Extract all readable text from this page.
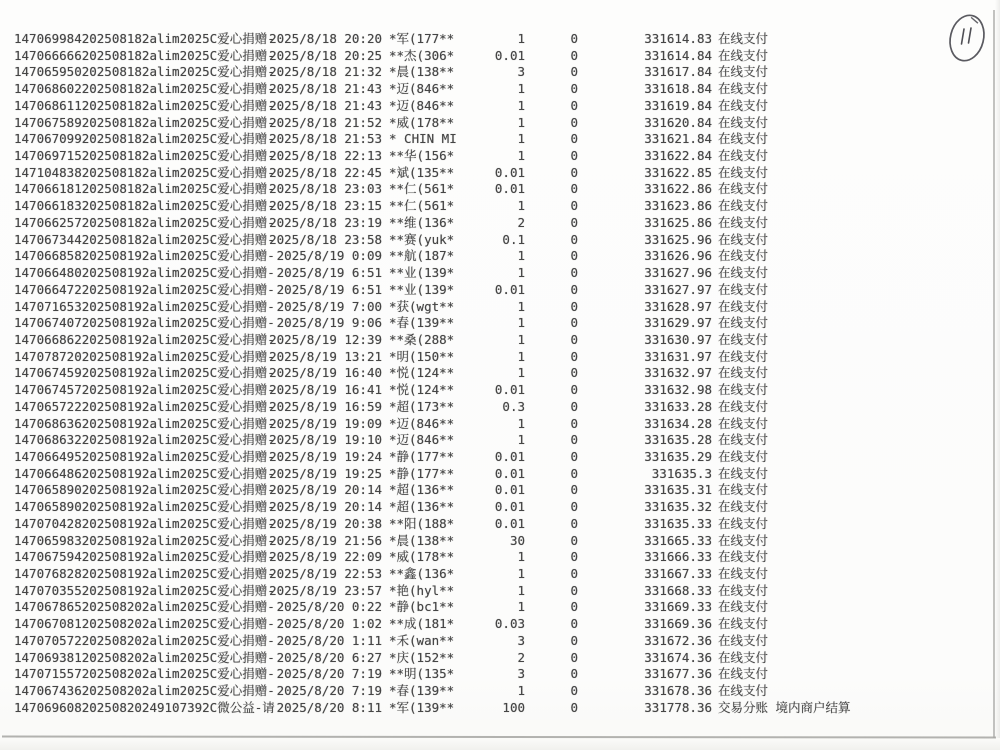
147069984202508182alim2025C爱心捐赠-
2025/8/18 20:20 *军(177**	1	0	331614.83 在线支付
147066666202508182alim2025C爱心捐赠-
2025/8/18 20:25 **杰(306*	0.01	0	331614.84 在线支付
147065950202508182alim2025C爱心捐赠-
2025/8/18 21:32 *晨(138**	3	0	331617.84 在线支付
147068602202508182alim2025C爱心捐赠-
2025/8/18 21:43 *迈(846**	1	0	331618.84 在线支付
147068611202508182alim2025C爱心捐赠-
2025/8/18 21:43 *迈(846**	1	0	331619.84 在线支付
147067589202508182alim2025C爱心捐赠-
2025/8/18 21:52 *威(178**	1	0	331620.84 在线支付
147067099202508182alim2025C爱心捐赠-
2025/8/18 21:53 * CHIN MI	1	0	331621.84 在线支付
147069715202508182alim2025C爱心捐赠-
2025/8/18 22:13 **华(156*	1	0	331622.84 在线支付
147104838202508182alim2025C爱心捐赠-
2025/8/18 22:45 *斌(135**	0.01	0	331622.85 在线支付
147066181202508182alim2025C爱心捐赠-
2025/8/18 23:03 **仁(561*	0.01	0	331622.86 在线支付
147066183202508182alim2025C爱心捐赠-
2025/8/18 23:15 **仁(561*	1	0	331623.86 在线支付
147066257202508182alim2025C爱心捐赠-
2025/8/18 23:19 **维(136*	2	0	331625.86 在线支付
147067344202508182alim2025C爱心捐赠-
2025/8/18 23:58 **赛(yuk*	0.1	0	331625.96 在线支付
147066858202508192alim2025C爱心捐赠- 2025/8/19 0:09 **航(187*	1	0	331626.96 在线支付
147066480202508192alim2025C爱心捐赠- 2025/8/19 6:51 **业(139*	1	0	331627.96 在线支付
147066472202508192alim2025C爱心捐赠- 2025/8/19 6:51 **业(139*	0.01	0	331627.97 在线支付
147071653202508192alim2025C爱心捐赠- 2025/8/19 7:00 *获(wgt**	1	0	331628.97 在线支付
147067407202508192alim2025C爱心捐赠- 2025/8/19 9:06 *春(139**	1	0	331629.97 在线支付
147066862202508192alim2025C爱心捐赠-
2025/8/19 12:39 **桑(288*	1	0	331630.97 在线支付
147078720202508192alim2025C爱心捐赠-
2025/8/19 13:21 *明(150**	1	0	331631.97 在线支付
147067459202508192alim2025C爱心捐赠-
2025/8/19 16:40 *悦(124**	1	0	331632.97 在线支付
147067457202508192alim2025C爱心捐赠-
2025/8/19 16:41 *悦(124**	0.01	0	331632.98 在线支付
147065722202508192alim2025C爱心捐赠-
2025/8/19 16:59 *超(173**	0.3	0	331633.28 在线支付
147068636202508192alim2025C爱心捐赠-
2025/8/19 19:09 *迈(846**	1	0	331634.28 在线支付
147068632202508192alim2025C爱心捐赠-
2025/8/19 19:10 *迈(846**	1	0	331635.28 在线支付
147066495202508192alim2025C爱心捐赠-
2025/8/19 19:24 *静(177**	0.01	0	331635.29 在线支付
147066486202508192alim2025C爱心捐赠-
2025/8/19 19:25 *静(177**	0.01	0	331635.3 在线支付
147065890202508192alim2025C爱心捐赠-
2025/8/19 20:14 *超(136**	0.01	0	331635.31 在线支付
147065890202508192alim2025C爱心捐赠-
2025/8/19 20:14 *超(136**	0.01	0	331635.32 在线支付
147070428202508192alim2025C爱心捐赠-
2025/8/19 20:38 **阳(188*	0.01	0	331635.33 在线支付
147065983202508192alim2025C爱心捐赠-
2025/8/19 21:56 *晨(138**	30	0	331665.33 在线支付
147067594202508192alim2025C爱心捐赠-
2025/8/19 22:09 *威(178**	1	0	331666.33 在线支付
147076828202508192alim2025C爱心捐赠-
2025/8/19 22:53 **鑫(136*	1	0	331667.33 在线支付
147070355202508192alim2025C爱心捐赠-
2025/8/19 23:57 *艳(hyl**	1	0	331668.33 在线支付
147067865202508202alim2025C爱心捐赠- 2025/8/20 0:22 *静(bc1**	1	0	331669.33 在线支付
147067081202508202alim2025C爱心捐赠- 2025/8/20 1:02 **成(181*	0.03	0	331669.36 在线支付
147070572202508202alim2025C爱心捐赠- 2025/8/20 1:11 *禾(wan**	3	0	331672.36 在线支付
147069381202508202alim2025C爱心捐赠- 2025/8/20 6:27 *庆(152**	2	0	331674.36 在线支付
147071557202508202alim2025C爱心捐赠- 2025/8/20 7:19 **明(135*	3	0	331677.36 在线支付
147067436202508202alim2025C爱心捐赠- 2025/8/20 7:19 *春(139**	1	0	331678.36 在线支付
14706960820250820249107392C微公益-请 2025/8/20 8:11 *军(139**	100	0	331778.36 交易分账 境内商户结算
